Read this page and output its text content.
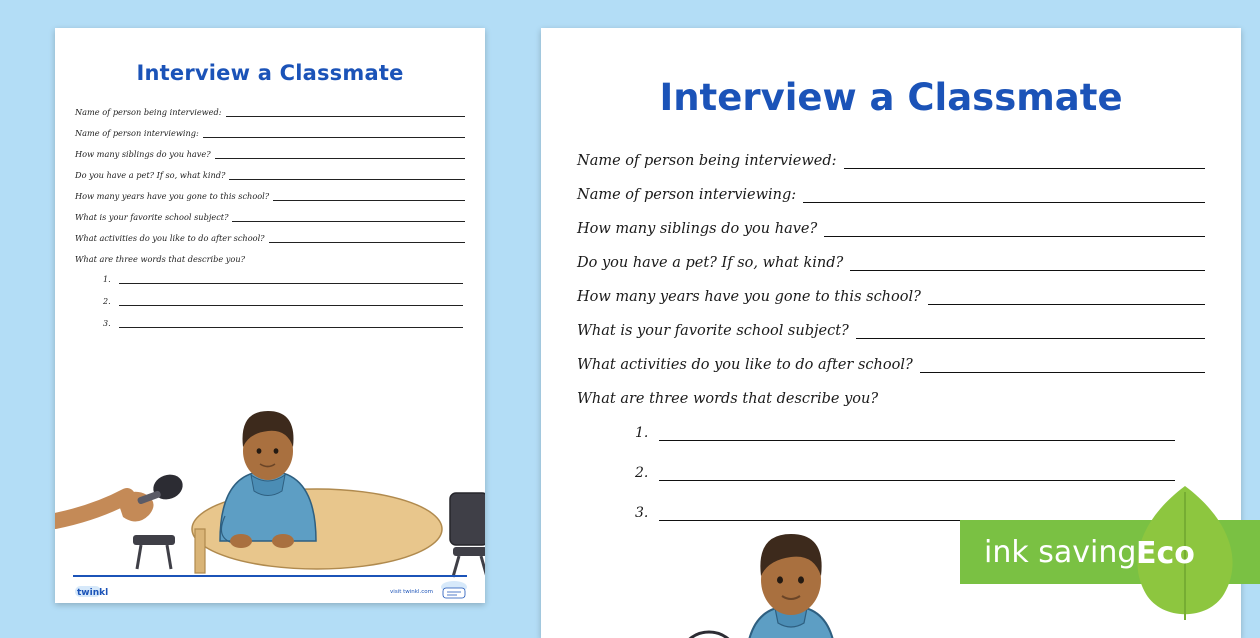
Interview a Classmate
Name of person being interviewed:
Name of person interviewing:
How many siblings do you have?
Do you have a pet? If so, what kind?
How many years have you gone to this school?
What is your favorite school subject?
What activities do you like to do after school?
What are three words that describe you?
1.
2.
3.
twinkl	visit twinkl.com
Interview a Classmate
Name of person being interviewed:
Name of person interviewing:
How many siblings do you have?
Do you have a pet? If so, what kind?
How many years have you gone to this school?
What is your favorite school subject?
What activities do you like to do after school?
What are three words that describe you?
1.
2.
3.
ink saving Eco
